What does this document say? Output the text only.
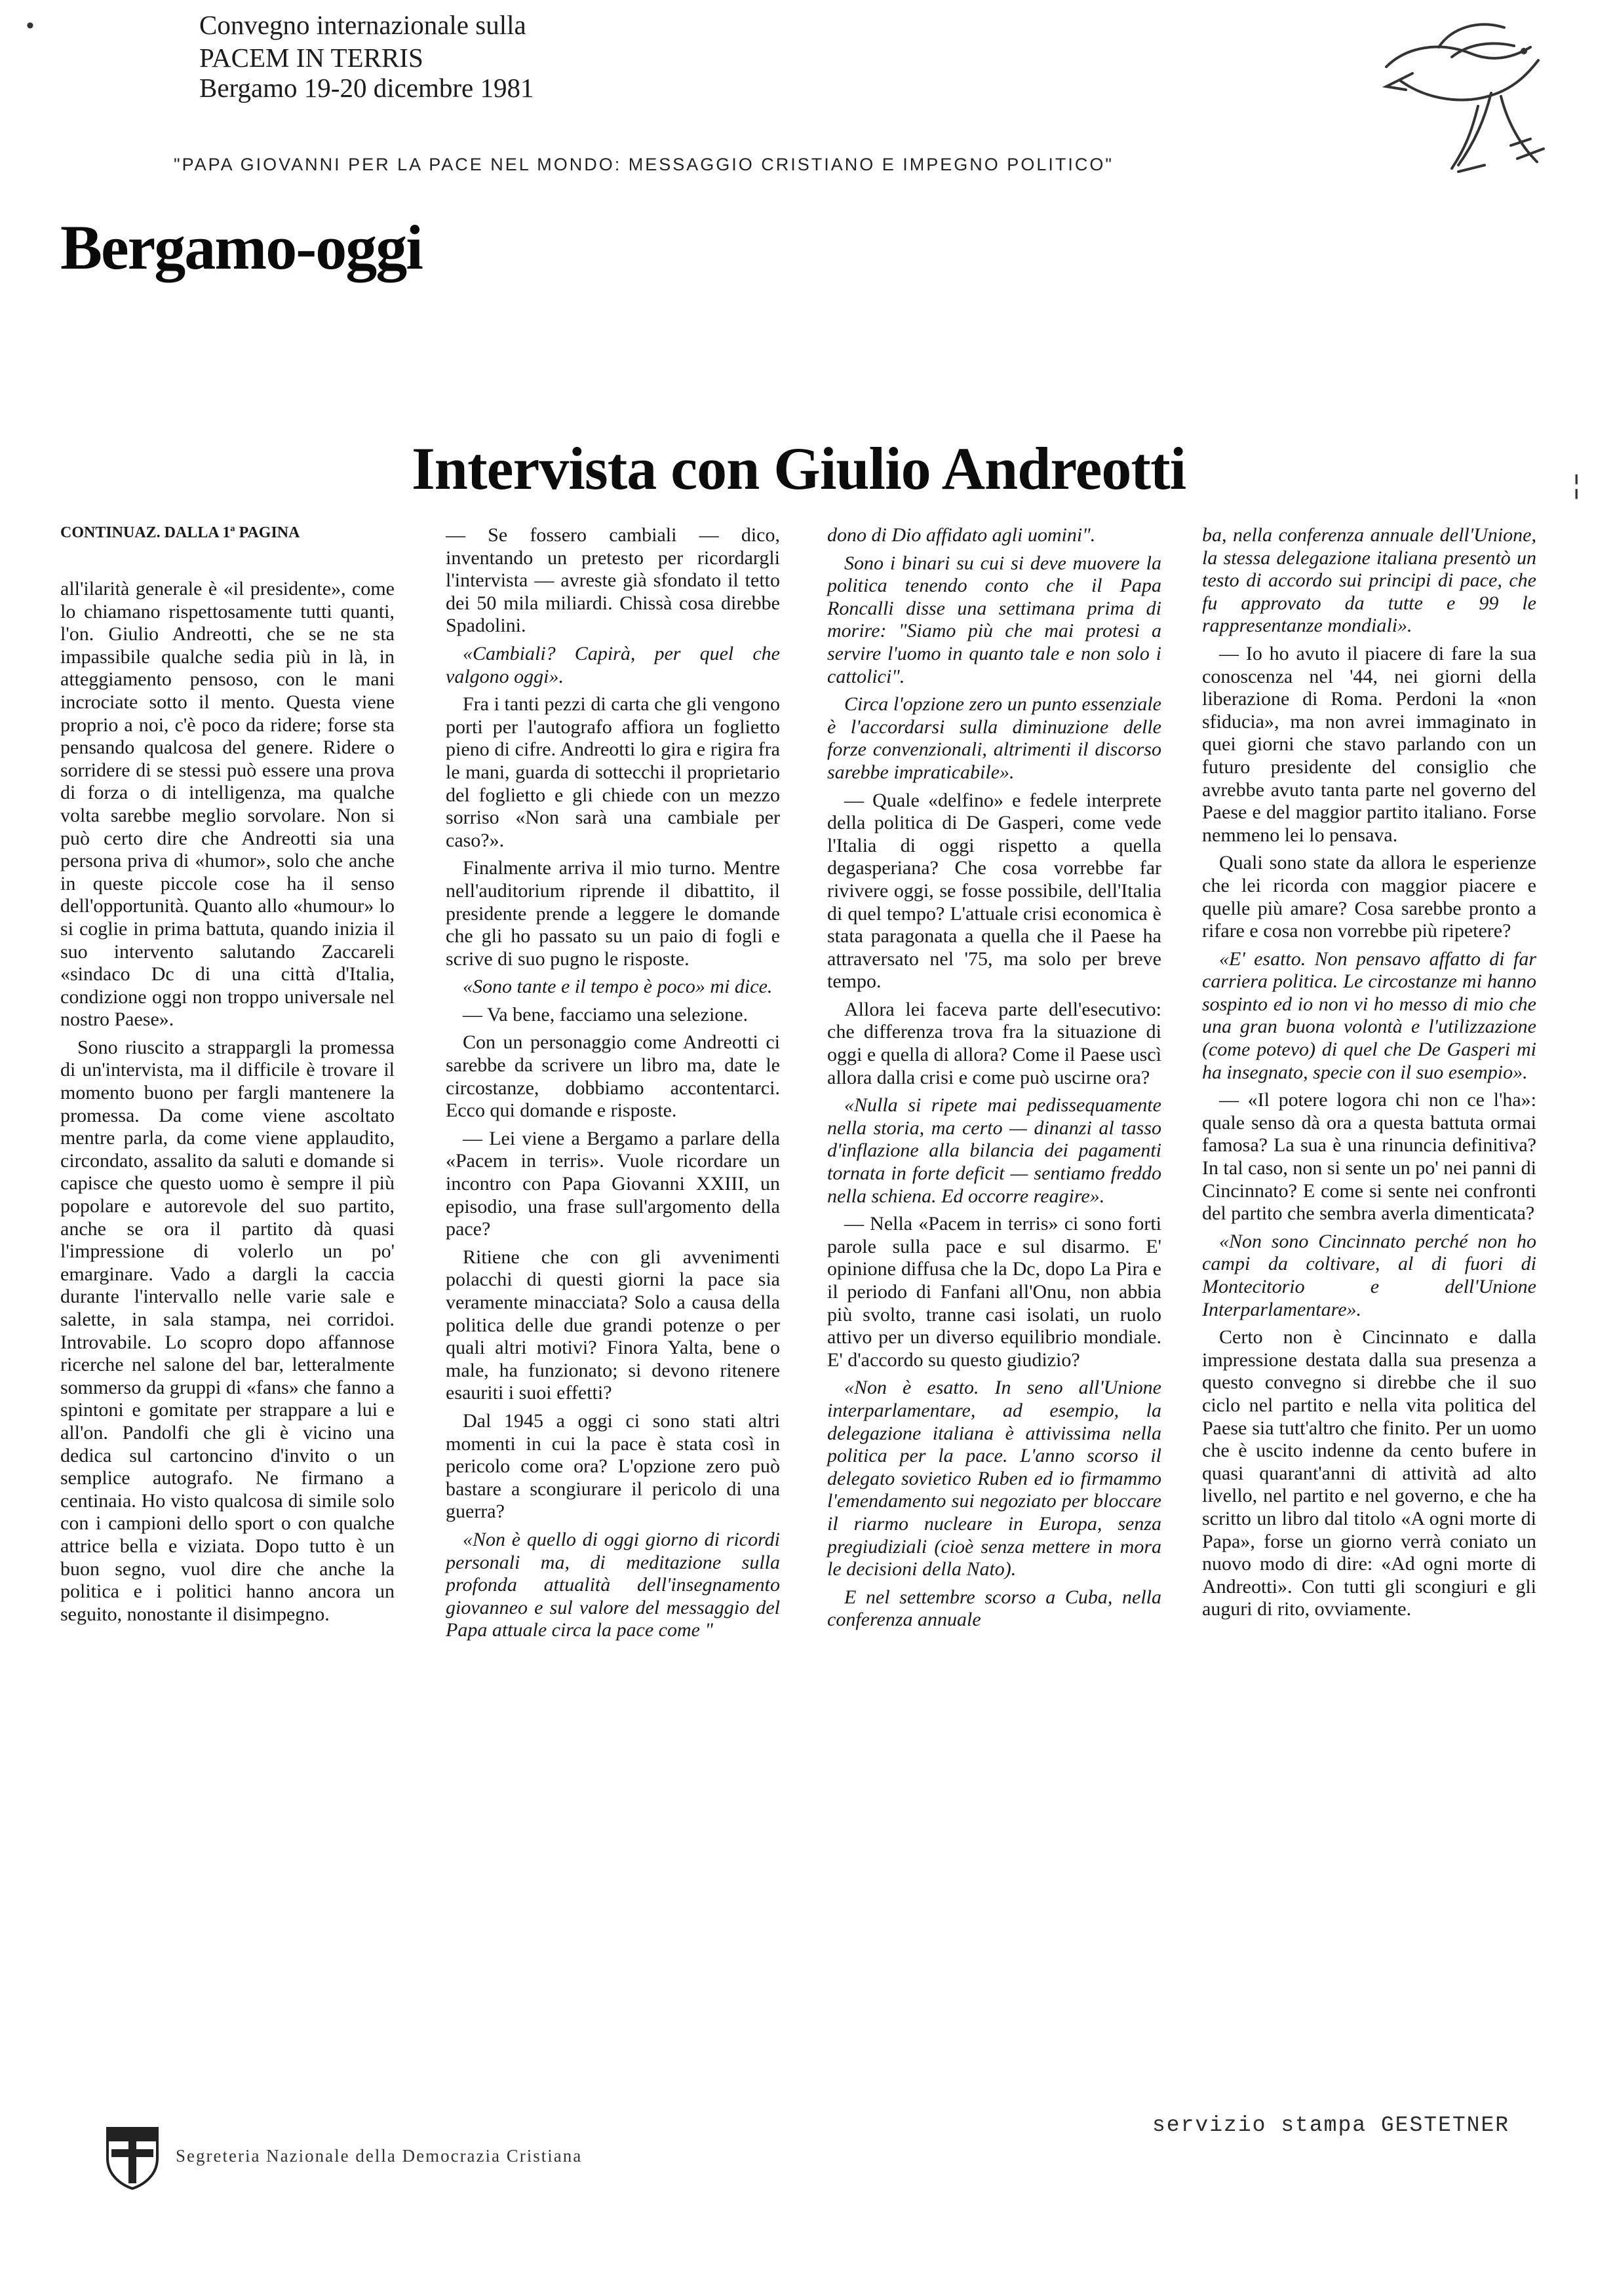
Convegno internazionale sulla
PACEM IN TERRIS
Bergamo 19-20 dicembre 1981
"PAPA GIOVANNI PER LA PACE NEL MONDO: MESSAGGIO CRISTIANO E IMPEGNO POLITICO"
Bergamo-oggi
Intervista con Giulio Andreotti
CONTINUAZ. DALLA 1ª PAGINA

all'ilarità generale è «il presidente», come lo chiamano rispettosamente tutti quanti, l'on. Giulio Andreotti, che se ne sta impassibile qualche sedia più in là, in atteggiamento pensoso, con le mani incrociate sotto il mento. Questa viene proprio a noi, c'è poco da ridere; forse sta pensando qualcosa del genere. Ridere o sorridere di se stessi può essere una prova di forza o di intelligenza, ma qualche volta sarebbe meglio sorvolare. Non si può certo dire che Andreotti sia una persona priva di «humor», solo che anche in queste piccole cose ha il senso dell'opportunità. Quanto allo «humour» lo si coglie in prima battuta, quando inizia il suo intervento salutando Zaccareli «sindaco Dc di una città d'Italia, condizione oggi non troppo universale nel nostro Paese».

Sono riuscito a strappargli la promessa di un'intervista, ma il difficile è trovare il momento buono per fargli mantenere la promessa. Da come viene ascoltato mentre parla, da come viene applaudito, circondato, assalito da saluti e domande si capisce che questo uomo è sempre il più popolare e autorevole del suo partito, anche se ora il partito dà quasi l'impressione di volerlo un po' emarginare. Vado a dargli la caccia durante l'intervallo nelle varie sale e salette, in sala stampa, nei corridoi. Introvabile. Lo scopro dopo affannose ricerche nel salone del bar, letteralmente sommerso da gruppi di «fans» che fanno a spintoni e gomitate per strappare a lui e all'on. Pandolfi che gli è vicino una dedica sul cartoncino d'invito o un semplice autografo. Ne firmano a centinaia. Ho visto qualcosa di simile solo con i campioni dello sport o con qualche attrice bella e viziata. Dopo tutto è un buon segno, vuol dire che anche la politica e i politici hanno ancora un seguito, nonostante il disimpegno.

— Se fossero cambiali — dico, inventando un pretesto per ricordargli l'intervista — avreste già sfondato il tetto dei 50 mila miliardi. Chissà cosa direbbe Spadolini.

«Cambiali? Capirà, per quel che valgono oggi».

Fra i tanti pezzi di carta che gli vengono porti per l'autografo affiora un foglietto pieno di cifre. Andreotti lo gira e rigira fra le mani, guarda di sottecchi il proprietario del foglietto e gli chiede con un mezzo sorriso «Non sarà una cambiale per caso?».

Finalmente arriva il mio turno. Mentre nell'auditorium riprende il dibattito, il presidente prende a leggere le domande che gli ho passato su un paio di fogli e scrive di suo pugno le risposte.

«Sono tante e il tempo è poco» mi dice.

— Va bene, facciamo una selezione.

Con un personaggio come Andreotti ci sarebbe da scrivere un libro ma, date le circostanze, dobbiamo accontentarci. Ecco qui domande e risposte.

— Lei viene a Bergamo a parlare della «Pacem in terris». Vuole ricordare un incontro con Papa Giovanni XXIII, un episodio, una frase sull'argomento della pace?

Ritiene che con gli avvenimenti polacchi di questi giorni la pace sia veramente minacciata? Solo a causa della politica delle due grandi potenze o per quali altri motivi? Finora Yalta, bene o male, ha funzionato; si devono ritenere esauriti i suoi effetti?

Dal 1945 a oggi ci sono stati altri momenti in cui la pace è stata così in pericolo come ora? L'opzione zero può bastare a scongiurare il pericolo di una guerra?

«Non è quello di oggi giorno di ricordi personali ma, di meditazione sulla profonda attualità dell'insegnamento giovanneo e sul valore del messaggio del Papa attuale circa la pace come "

dono di Dio affidato agli uomini".

Sono i binari su cui si deve muovere la politica tenendo conto che il Papa Roncalli disse una settimana prima di morire: "Siamo più che mai protesi a servire l'uomo in quanto tale e non solo i cattolici".

Circa l'opzione zero un punto essenziale è l'accordarsi sulla diminuzione delle forze convenzionali, altrimenti il discorso sarebbe impraticabile».

— Quale «delfino» e fedele interprete della politica di De Gasperi, come vede l'Italia di oggi rispetto a quella degasperiana? Che cosa vorrebbe far rivivere oggi, se fosse possibile, dell'Italia di quel tempo? L'attuale crisi economica è stata paragonata a quella che il Paese ha attraversato nel '75, ma solo per breve tempo.

Allora lei faceva parte dell'esecutivo: che differenza trova fra la situazione di oggi e quella di allora? Come il Paese uscì allora dalla crisi e come può uscirne ora?

«Nulla si ripete mai pedissequamente nella storia, ma certo — dinanzi al tasso d'inflazione alla bilancia dei pagamenti tornata in forte deficit — sentiamo freddo nella schiena. Ed occorre reagire».

— Nella «Pacem in terris» ci sono forti parole sulla pace e sul disarmo. E' opinione diffusa che la Dc, dopo La Pira e il periodo di Fanfani all'Onu, non abbia più svolto, tranne casi isolati, un ruolo attivo per un diverso equilibrio mondiale. E' d'accordo su questo giudizio?

«Non è esatto. In seno all'Unione interparlamentare, ad esempio, la delegazione italiana è attivissima nella politica per la pace. L'anno scorso il delegato sovietico Ruben ed io firmammo l'emendamento sui negoziato per bloccare il riarmo nucleare in Europa, senza pregiudiziali (cioè senza mettere in mora le decisioni della Nato).

E nel settembre scorso a Cuba, nella conferenza annuale

ba, nella conferenza annuale dell'Unione, la stessa delegazione italiana presentò un testo di accordo sui principi di pace, che fu approvato da tutte e 99 le rappresentanze mondiali».

— Io ho avuto il piacere di fare la sua conoscenza nel '44, nei giorni della liberazione di Roma. Perdoni la «non sfiducia», ma non avrei immaginato in quei giorni che stavo parlando con un futuro presidente del consiglio che avrebbe avuto tanta parte nel governo del Paese e del maggior partito italiano. Forse nemmeno lei lo pensava.

Quali sono state da allora le esperienze che lei ricorda con maggior piacere e quelle più amare? Cosa sarebbe pronto a rifare e cosa non vorrebbe più ripetere?

«E' esatto. Non pensavo affatto di far carriera politica. Le circostanze mi hanno sospinto ed io non vi ho messo di mio che una gran buona volontà e l'utilizzazione (come potevo) di quel che De Gasperi mi ha insegnato, specie con il suo esempio».

— «Il potere logora chi non ce l'ha»: quale senso dà ora a questa battuta ormai famosa? La sua è una rinuncia definitiva? In tal caso, non si sente un po' nei panni di Cincinnato? E come si sente nei confronti del partito che sembra averla dimenticata?

«Non sono Cincinnato perché non ho campi da coltivare, al di fuori di Montecitorio e dell'Unione Interparlamentare».

Certo non è Cincinnato e dalla impressione destata dalla sua presenza a questo convegno si direbbe che il suo ciclo nel partito e nella vita politica del Paese sia tutt'altro che finito. Per un uomo che è uscito indenne da cento bufere in quasi quarant'anni di attività ad alto livello, nel partito e nel governo, e che ha scritto un libro dal titolo «A ogni morte di Papa», forse un giorno verrà coniato un nuovo modo di dire: «Ad ogni morte di Andreotti». Con tutti gli scongiuri e gli auguri di rito, ovviamente.

•
¦
Segreteria Nazionale della Democrazia Cristiana
servizio stampa GESTETNER
